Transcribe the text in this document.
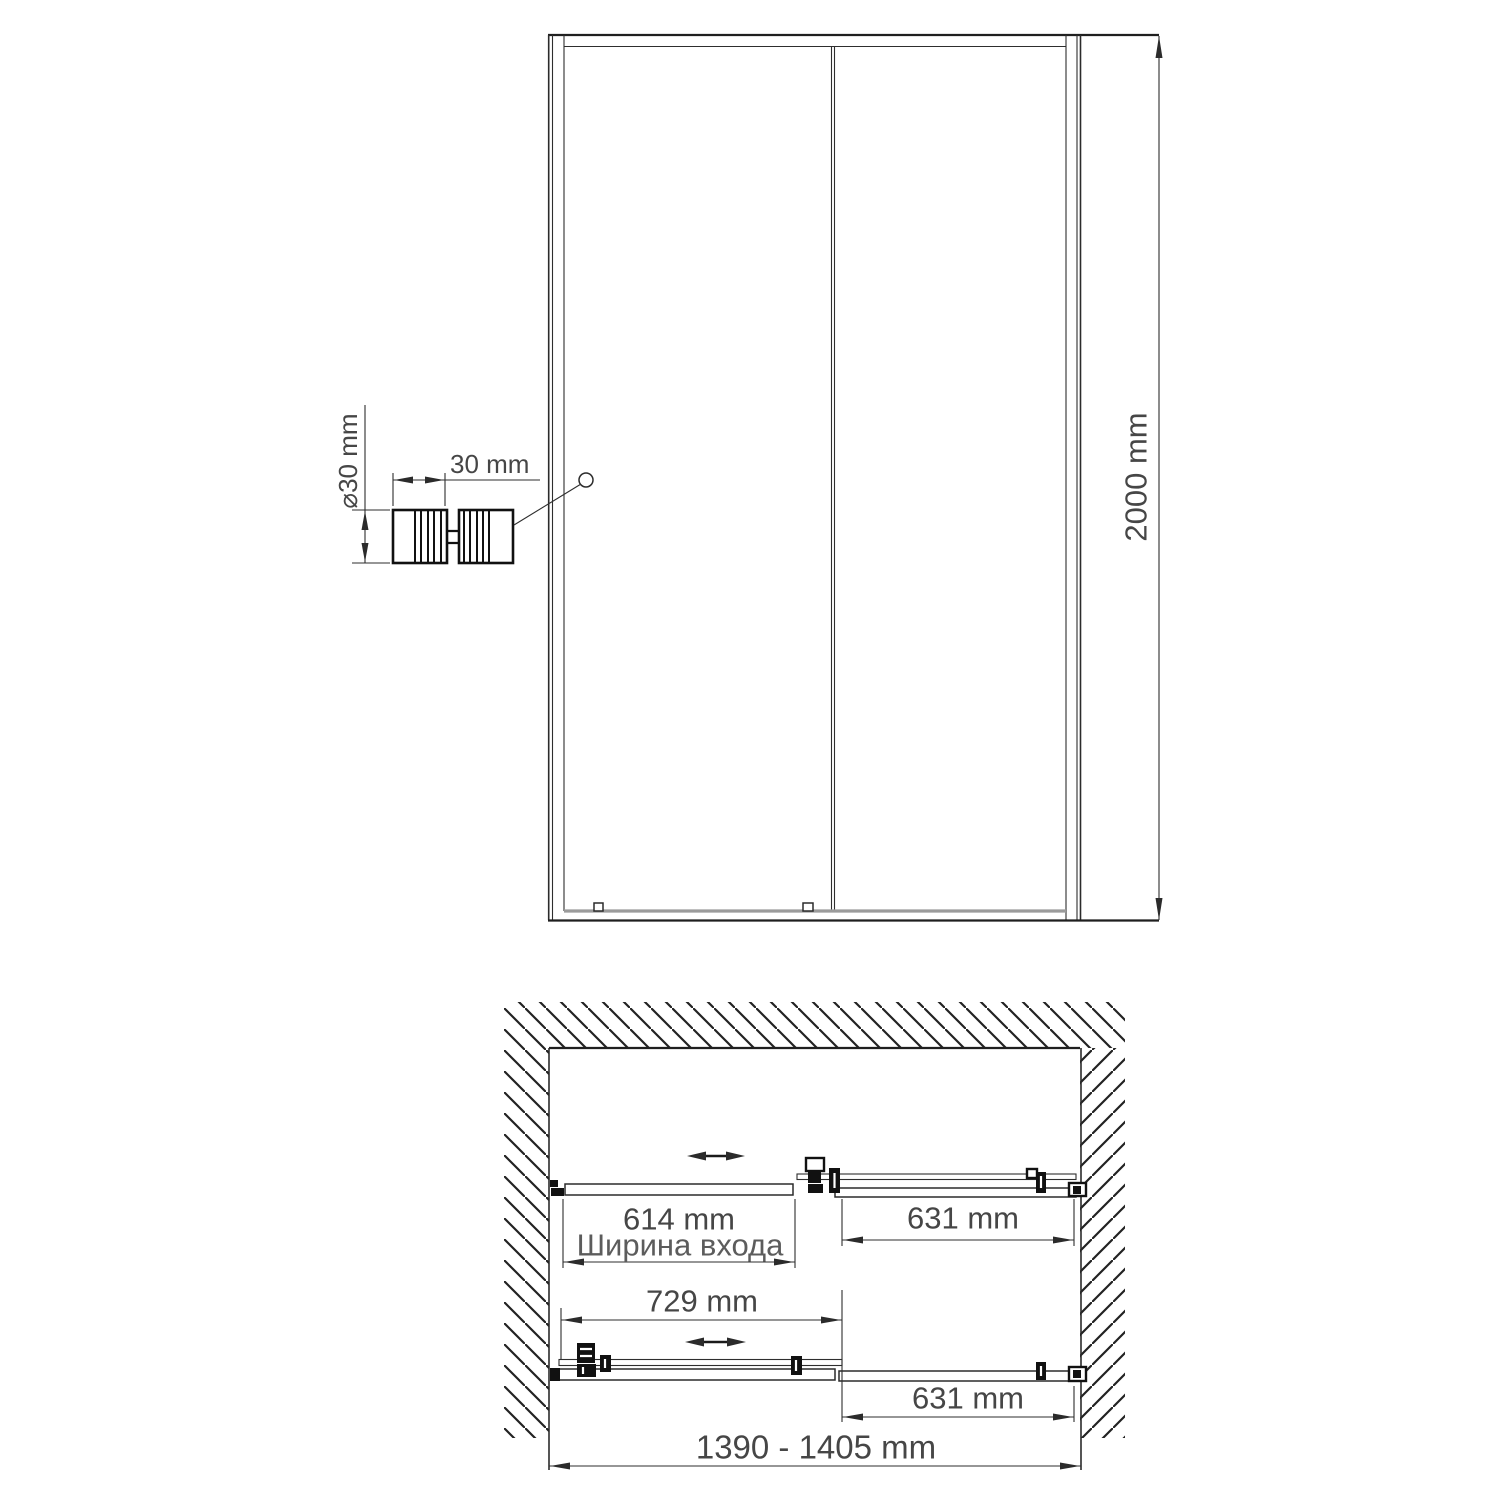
2000 mm
⌀30 mm	30 mm
614 mm
Ширина входа
631 mm
729 mm
631 mm
1390 - 1405 mm
